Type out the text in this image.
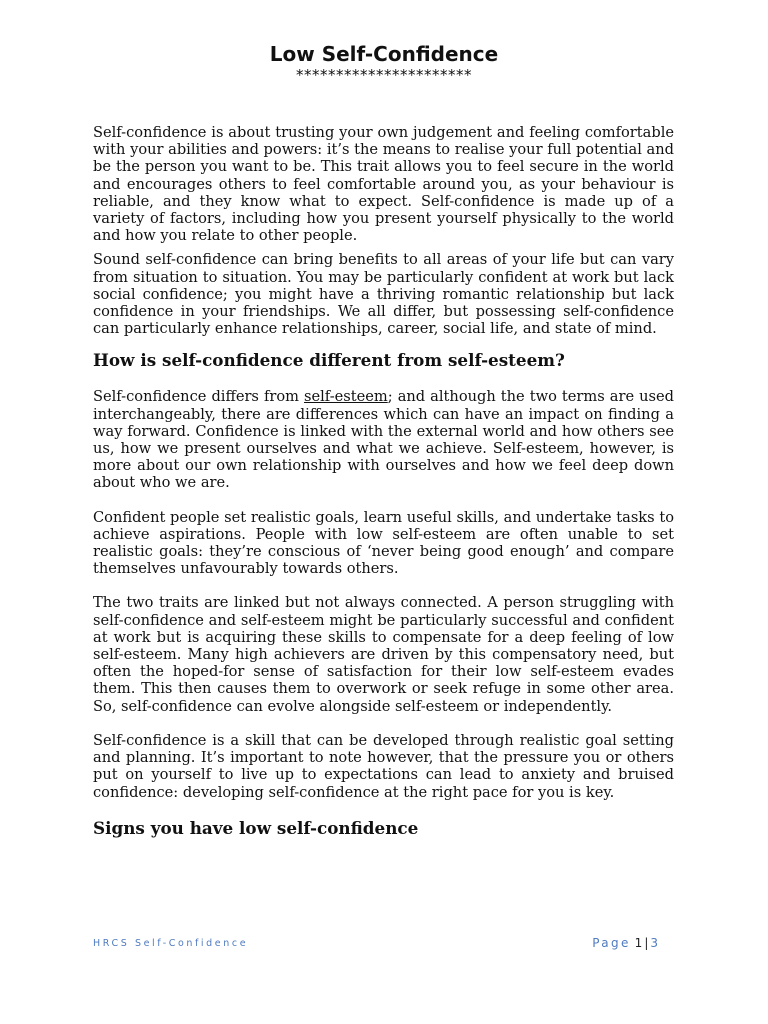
Low Self-Confidence
**********************

Self-confidence is about trusting your own judgement and feeling comfortable with your abilities and powers: it’s the means to realise your full potential and be the person you want to be. This trait allows you to feel secure in the world and encourages others to feel comfortable around you, as your behaviour is reliable, and they know what to expect. Self-confidence is made up of a variety of factors, including how you present yourself physically to the world and how you relate to other people.

Sound self-confidence can bring benefits to all areas of your life but can vary from situation to situation. You may be particularly confident at work but lack social confidence; you might have a thriving romantic relationship but lack confidence in your friendships. We all differ, but possessing self-confidence can particularly enhance relationships, career, social life, and state of mind.

How is self-confidence different from self-esteem?

Self-confidence differs from self-esteem; and although the two terms are used interchangeably, there are differences which can have an impact on finding a way forward. Confidence is linked with the external world and how others see us, how we present ourselves and what we achieve. Self-esteem, however, is more about our own relationship with ourselves and how we feel deep down about who we are.

Confident people set realistic goals, learn useful skills, and undertake tasks to achieve aspirations. People with low self-esteem are often unable to set realistic goals: they’re conscious of ‘never being good enough’ and compare themselves unfavourably towards others.

The two traits are linked but not always connected. A person struggling with self-confidence and self-esteem might be particularly successful and confident at work but is acquiring these skills to compensate for a deep feeling of low self-esteem. Many high achievers are driven by this compensatory need, but often the hoped-for sense of satisfaction for their low self-esteem evades them. This then causes them to overwork or seek refuge in some other area. So, self-confidence can evolve alongside self-esteem or independently.

Self-confidence is a skill that can be developed through realistic goal setting and planning. It’s important to note however, that the pressure you or others put on yourself to live up to expectations can lead to anxiety and bruised confidence: developing self-confidence at the right pace for you is key.

Signs you have low self-confidence
HRCS Self-Confidence	Page 1 | 3
